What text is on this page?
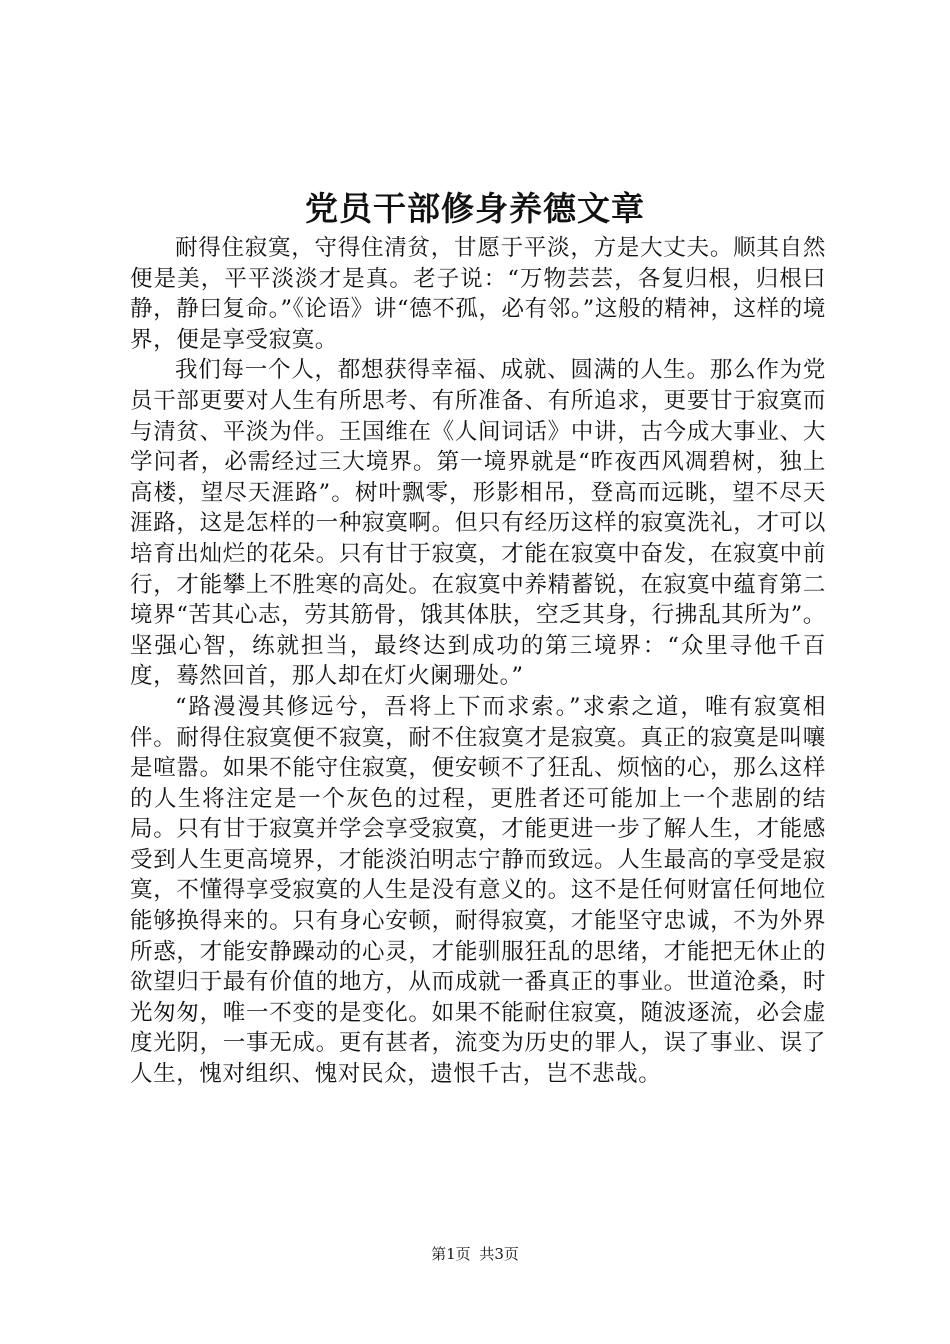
党员干部修身养德文章

耐得住寂寞，守得住清贫，甘愿于平淡，方是大丈夫。顺其自然便是美，平平淡淡才是真。老子说：“万物芸芸，各复归根，归根曰静，静曰复命。”《论语》讲“德不孤，必有邻。”这般的精神，这样的境界，便是享受寂寞。

我们每一个人，都想获得幸福、成就、圆满的人生。那么作为党员干部更要对人生有所思考、有所准备、有所追求，更要甘于寂寞而与清贫、平淡为伴。王国维在《人间词话》中讲，古今成大事业、大学问者，必需经过三大境界。第一境界就是“昨夜西风凋碧树，独上高楼，望尽天涯路”。树叶飘零，形影相吊，登高而远眺，望不尽天涯路，这是怎样的一种寂寞啊。但只有经历这样的寂寞洗礼，才可以培育出灿烂的花朵。只有甘于寂寞，才能在寂寞中奋发，在寂寞中前行，才能攀上不胜寒的高处。在寂寞中养精蓄锐，在寂寞中蕴育第二境界“苦其心志，劳其筋骨，饿其体肤，空乏其身，行拂乱其所为”。坚强心智，练就担当，最终达到成功的第三境界：“众里寻他千百度，蓦然回首，那人却在灯火阑珊处。”

“路漫漫其修远兮，吾将上下而求索。”求索之道，唯有寂寞相伴。耐得住寂寞便不寂寞，耐不住寂寞才是寂寞。真正的寂寞是叫嚷是喧嚣。如果不能守住寂寞，便安顿不了狂乱、烦恼的心，那么这样的人生将注定是一个灰色的过程，更胜者还可能加上一个悲剧的结局。只有甘于寂寞并学会享受寂寞，才能更进一步了解人生，才能感受到人生更高境界，才能淡泊明志宁静而致远。人生最高的享受是寂寞，不懂得享受寂寞的人生是没有意义的。这不是任何财富任何地位能够换得来的。只有身心安顿，耐得寂寞，才能坚守忠诚，不为外界所惑，才能安静躁动的心灵，才能驯服狂乱的思绪，才能把无休止的欲望归于最有价值的地方，从而成就一番真正的事业。世道沧桑，时光匆匆，唯一不变的是变化。如果不能耐住寂寞，随波逐流，必会虚度光阴，一事无成。更有甚者，流变为历史的罪人，误了事业、误了人生，愧对组织、愧对民众，遗恨千古，岂不悲哉。

第1页 共3页
